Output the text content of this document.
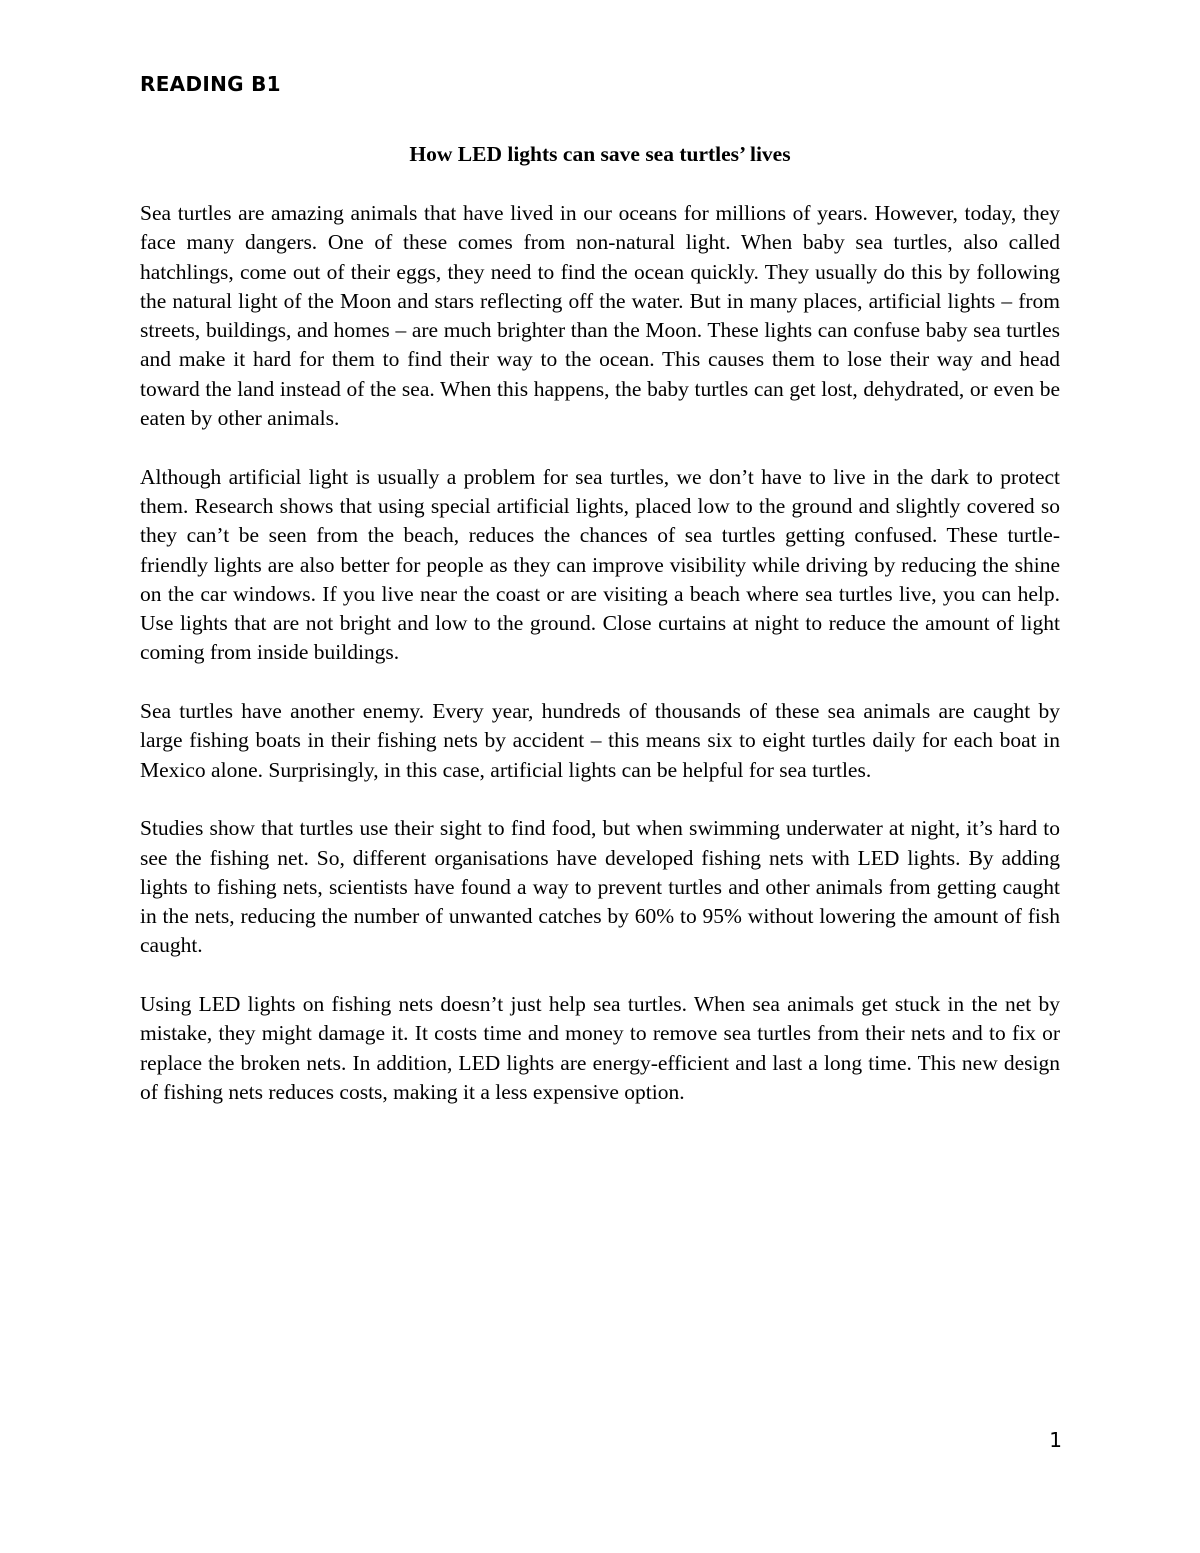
READING B1
How LED lights can save sea turtles’ lives

Sea turtles are amazing animals that have lived in our oceans for millions of years. However, today, they face many dangers. One of these comes from non-natural light. When baby sea turtles, also called hatchlings, come out of their eggs, they need to find the ocean quickly. They usually do this by following the natural light of the Moon and stars reflecting off the water. But in many places, artificial lights – from streets, buildings, and homes – are much brighter than the Moon. These lights can confuse baby sea turtles and make it hard for them to find their way to the ocean. This causes them to lose their way and head toward the land instead of the sea. When this happens, the baby turtles can get lost, dehydrated, or even be eaten by other animals.

Although artificial light is usually a problem for sea turtles, we don’t have to live in the dark to protect them. Research shows that using special artificial lights, placed low to the ground and slightly covered so they can’t be seen from the beach, reduces the chances of sea turtles getting confused. These turtle-friendly lights are also better for people as they can improve visibility while driving by reducing the shine on the car windows. If you live near the coast or are visiting a beach where sea turtles live, you can help. Use lights that are not bright and low to the ground. Close curtains at night to reduce the amount of light coming from inside buildings.

Sea turtles have another enemy. Every year, hundreds of thousands of these sea animals are caught by large fishing boats in their fishing nets by accident – this means six to eight turtles daily for each boat in Mexico alone. Surprisingly, in this case, artificial lights can be helpful for sea turtles.

Studies show that turtles use their sight to find food, but when swimming underwater at night, it’s hard to see the fishing net. So, different organisations have developed fishing nets with LED lights. By adding lights to fishing nets, scientists have found a way to prevent turtles and other animals from getting caught in the nets, reducing the number of unwanted catches by 60% to 95% without lowering the amount of fish caught.

Using LED lights on fishing nets doesn’t just help sea turtles. When sea animals get stuck in the net by mistake, they might damage it. It costs time and money to remove sea turtles from their nets and to fix or replace the broken nets. In addition, LED lights are energy-efficient and last a long time. This new design of fishing nets reduces costs, making it a less expensive option.

1
